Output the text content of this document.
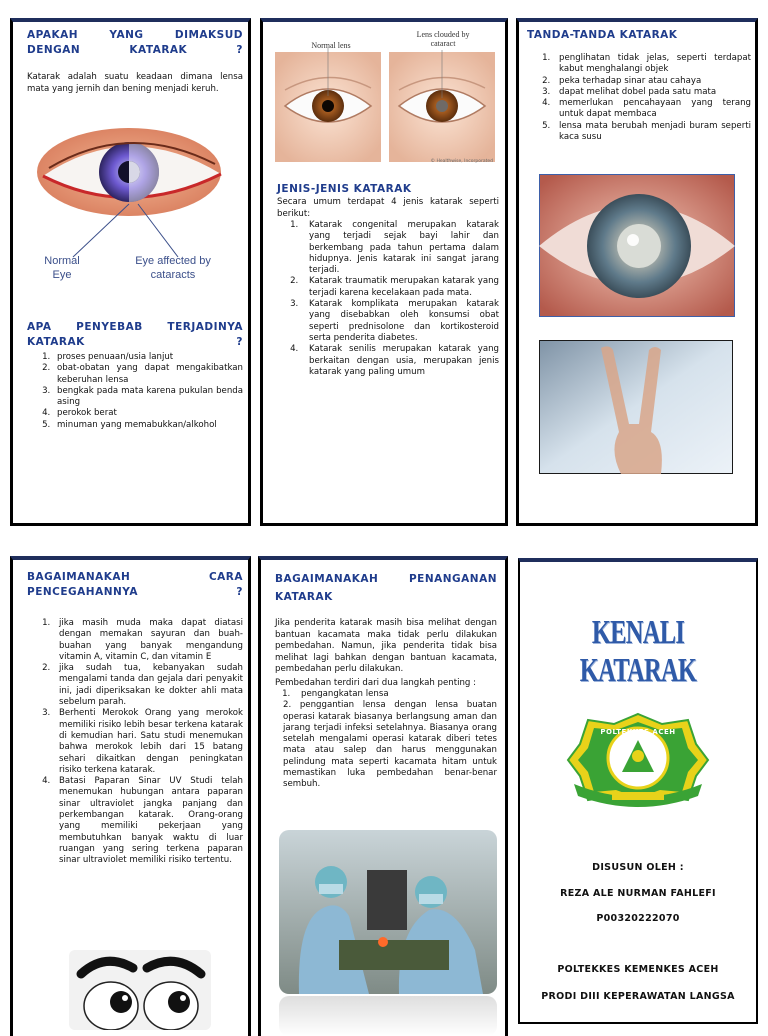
APAKAH YANG DIMAKSUD DENGAN KATARAK ?

Katarak adalah suatu keadaan dimana lensa mata yang jernih dan bening menjadi keruh.

Normal Eye
Eye affected by cataracts

APA PENYEBAB TERJADINYA KATARAK ?

1. proses penuaan/usia lanjut
2. obat-obatan yang dapat mengakibatkan keberuhan lensa
3. bengkak pada mata karena pukulan benda asing
4. perokok berat
5. minuman yang memabukkan/alkohol
Normal lens
Lens clouded by cataract
© Healthwise, Incorporated

JENIS-JENIS KATARAK

Secara umum terdapat 4 jenis katarak seperti berikut:

1. Katarak congenital merupakan katarak yang terjadi sejak bayi lahir dan berkembang pada tahun pertama dalam hidupnya. Jenis katarak ini sangat jarang terjadi.
2. Katarak traumatik merupakan katarak yang terjadi karena kecelakaan pada mata.
3. Katarak komplikata merupakan katarak yang disebabkan oleh konsumsi obat seperti prednisolone dan kortikosteroid serta penderita diabetes.
4. Katarak senilis merupakan katarak yang berkaitan dengan usia, merupakan jenis katarak yang paling umum

TANDA-TANDA KATARAK

1. penglihatan tidak jelas, seperti terdapat kabut menghalangi objek
2. peka terhadap sinar atau cahaya
3. dapat melihat dobel pada satu mata
4. memerlukan pencahayaan yang terang untuk dapat membaca
5. lensa mata berubah menjadi buram seperti kaca susu

BAGAIMANAKAH CARA PENCEGAHANNYA ?

1. jika masih muda maka dapat diatasi dengan memakan sayuran dan buah-buahan yang banyak mengandung vitamin A, vitamin C, dan vitamin E
2. jika sudah tua, kebanyakan sudah mengalami tanda dan gejala dari penyakit ini, jadi diperiksakan ke dokter ahli mata sebelum parah.
3. Berhenti Merokok Orang yang merokok memiliki risiko lebih besar terkena katarak di kemudian hari. Satu studi menemukan bahwa merokok lebih dari 15 batang sehari dikaitkan dengan peningkatan risiko terkena katarak.
4. Batasi Paparan Sinar UV Studi telah menemukan hubungan antara paparan sinar ultraviolet jangka panjang dan perkembangan katarak. Orang-orang yang memiliki pekerjaan yang membutuhkan banyak waktu di luar ruangan yang sering terkena paparan sinar ultraviolet memiliki risiko tertentu.

BAGAIMANAKAH PENANGANAN KATARAK

Jika penderita katarak masih bisa melihat dengan bantuan kacamata maka tidak perlu dilakukan pembedahan. Namun, jika penderita tidak bisa melihat lagi bahkan dengan bantuan kacamata, pembedahan perlu dilakukan.

Pembedahan terdiri dari dua langkah penting :

1. pengangkatan lensa
2. penggantian lensa dengan lensa buatan operasi katarak biasanya berlangsung aman dan jarang terjadi infeksi setelahnya. Biasanya orang setelah mengalami operasi katarak diberi tetes mata atau salep dan harus menggunakan pelindung mata seperti kacamata hitam untuk memastikan luka pembedahan benar-benar sembuh.
KENALI KATARAK
POLTEKKES ACEH
DISUSUN OLEH :
REZA ALE NURMAN FAHLEFI
P00320222070
POLTEKKES KEMENKES ACEH
PRODI DIII KEPERAWATAN LANGSA
